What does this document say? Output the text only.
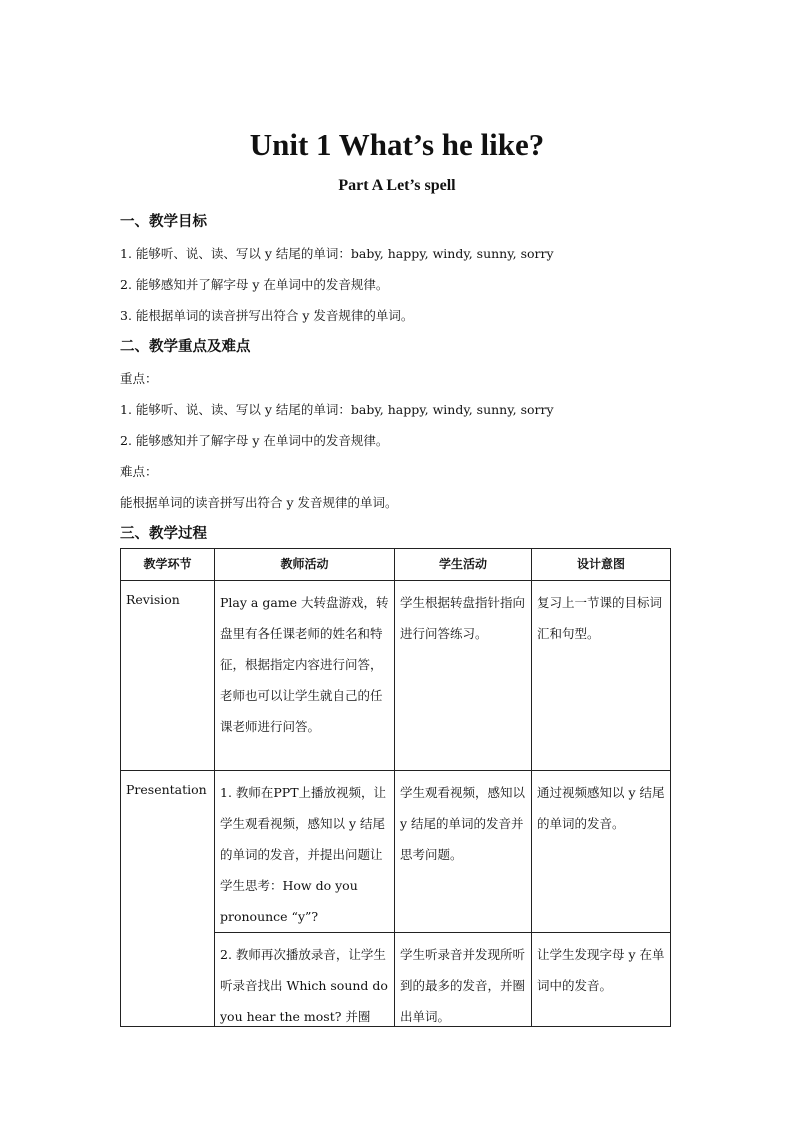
Unit 1 What’s he like?
Part A Let’s spell
一、教学目标
1. 能够听、说、读、写以 y 结尾的单词：baby, happy, windy, sunny, sorry
2. 能够感知并了解字母 y 在单词中的发音规律。
3. 能根据单词的读音拼写出符合 y 发音规律的单词。
二、教学重点及难点
重点：
1. 能够听、说、读、写以 y 结尾的单词：baby, happy, windy, sunny, sorry
2. 能够感知并了解字母 y 在单词中的发音规律。
难点：
能根据单词的读音拼写出符合 y 发音规律的单词。
三、教学过程
教学环节	教师活动	学生活动	设计意图
Revision	Play a game 大转盘游戏，转盘里有各任课老师的姓名和特征，根据指定内容进行问答，老师也可以让学生就自己的任课老师进行问答。	学生根据转盘指针指向进行问答练习。	复习上一节课的目标词汇和句型。
Presentation	1. 教师在PPT上播放视频，让学生观看视频，感知以 y 结尾的单词的发音，并提出问题让学生思考：How do you pronounce “y”?	学生观看视频，感知以 y 结尾的单词的发音并思考问题。	通过视频感知以 y 结尾的单词的发音。

	2. 教师再次播放录音，让学生听录音找出 Which sound do you hear the most? 并圈	学生听录音并发现所听到的最多的发音，并圈出单词。	让学生发现字母 y 在单词中的发音。
